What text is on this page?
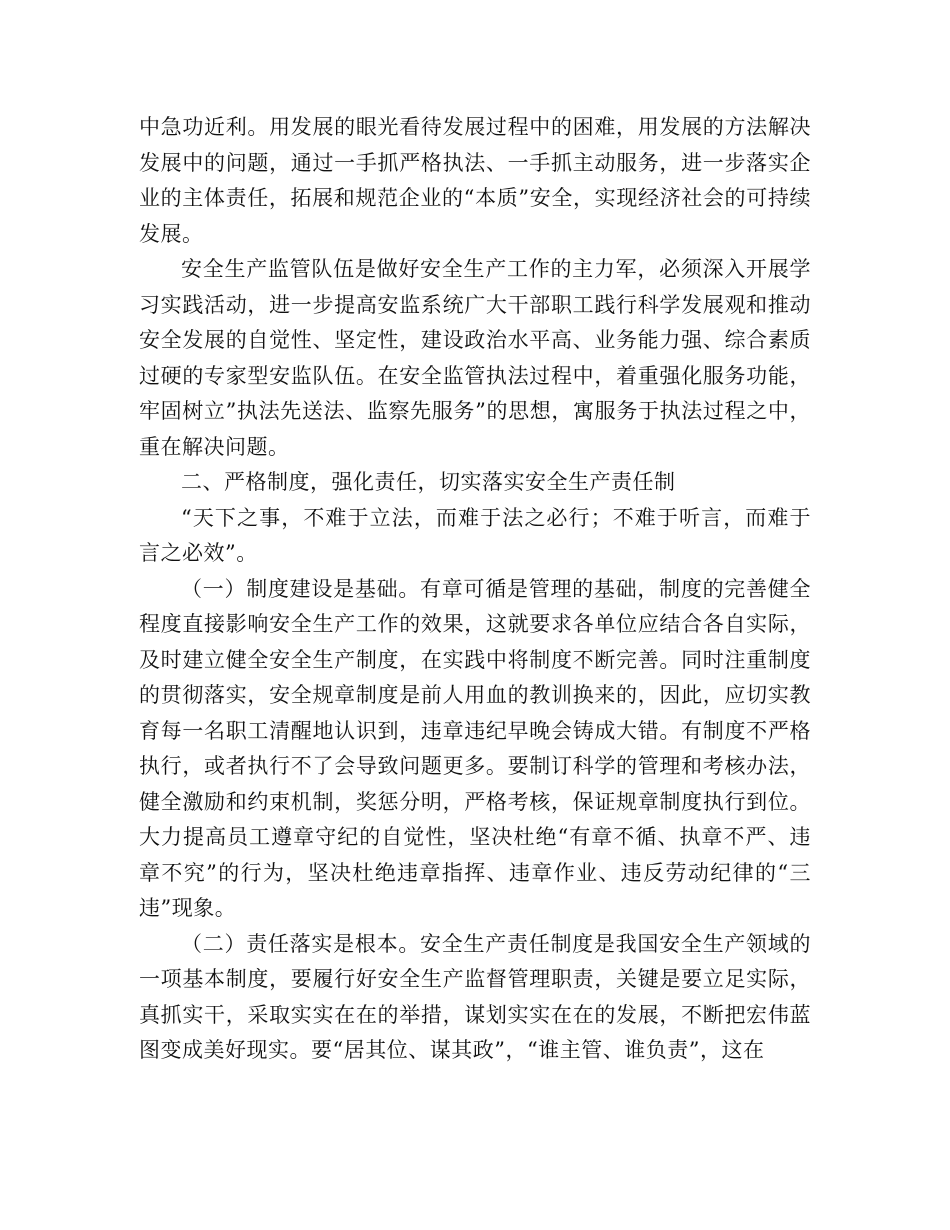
中急功近利。用发展的眼光看待发展过程中的困难，用发展的方法解决发展中的问题，通过一手抓严格执法、一手抓主动服务，进一步落实企业的主体责任，拓展和规范企业的“本质”安全，实现经济社会的可持续发展。

安全生产监管队伍是做好安全生产工作的主力军，必须深入开展学习实践活动，进一步提高安监系统广大干部职工践行科学发展观和推动安全发展的自觉性、坚定性，建设政治水平高、业务能力强、综合素质过硬的专家型安监队伍。在安全监管执法过程中，着重强化服务功能，牢固树立”执法先送法、监察先服务”的思想，寓服务于执法过程之中，重在解决问题。

二、严格制度，强化责任，切实落实安全生产责任制

“天下之事，不难于立法，而难于法之必行；不难于听言，而难于言之必效”。

（一）制度建设是基础。有章可循是管理的基础，制度的完善健全程度直接影响安全生产工作的效果，这就要求各单位应结合各自实际，及时建立健全安全生产制度，在实践中将制度不断完善。同时注重制度的贯彻落实，安全规章制度是前人用血的教训换来的，因此，应切实教育每一名职工清醒地认识到，违章违纪早晚会铸成大错。有制度不严格执行，或者执行不了会导致问题更多。要制订科学的管理和考核办法，健全激励和约束机制，奖惩分明，严格考核，保证规章制度执行到位。大力提高员工遵章守纪的自觉性，坚决杜绝“有章不循、执章不严、违章不究”的行为，坚决杜绝违章指挥、违章作业、违反劳动纪律的“三违”现象。

（二）责任落实是根本。安全生产责任制度是我国安全生产领域的一项基本制度，要履行好安全生产监督管理职责，关键是要立足实际，真抓实干，采取实实在在的举措，谋划实实在在的发展，不断把宏伟蓝图变成美好现实。要“居其位、谋其政”，“谁主管、谁负责”，这在
